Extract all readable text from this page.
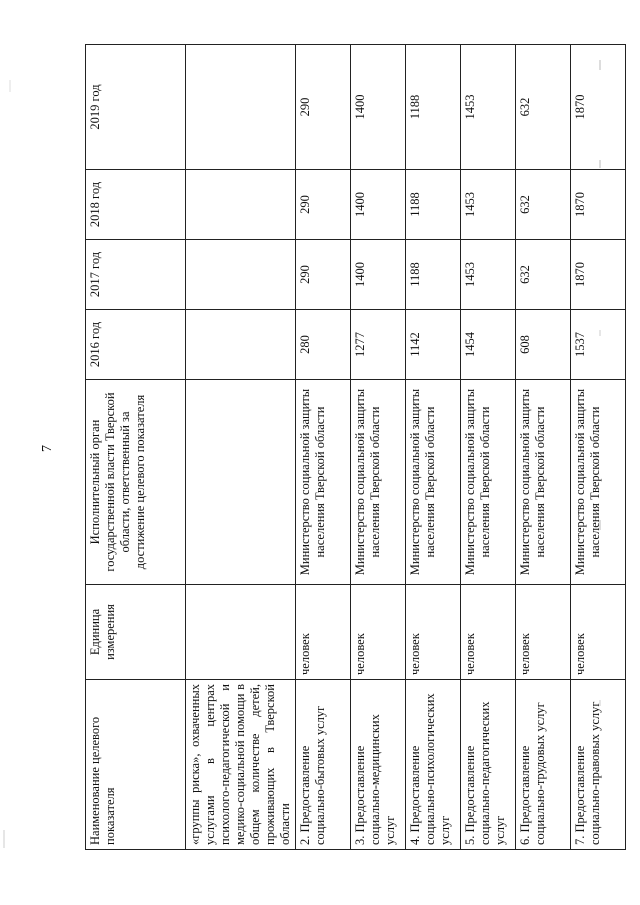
7
Наименование целевого показателя	Единица измерения	Исполнительный орган государственной власти Тверской области, ответственный за достижение целевого показателя	2016 год	2017 год	2018 год	2019 год
«группы риска», охваченных услугами в центрах психолого-педагогической и медико-социальной помощи в общем количестве детей, проживающих в Тверской области						
2. Предоставление социально-бытовых услуг	человек	Министерство социальной защиты населения Тверской области	280	290	290	290
3. Предоставление социально-медицинских услуг	человек	Министерство социальной защиты населения Тверской области	1277	1400	1400	1400
4. Предоставление социально-психологических услуг	человек	Министерство социальной защиты населения Тверской области	1142	1188	1188	1188
5. Предоставление социально-педагогических услуг	человек	Министерство социальной защиты населения Тверской области	1454	1453	1453	1453
6. Предоставление социально-трудовых услуг	человек	Министерство социальной защиты населения Тверской области	608	632	632	632
7. Предоставление социально-правовых услуг	человек	Министерство социальной защиты населения Тверской области	1537	1870	1870	1870
